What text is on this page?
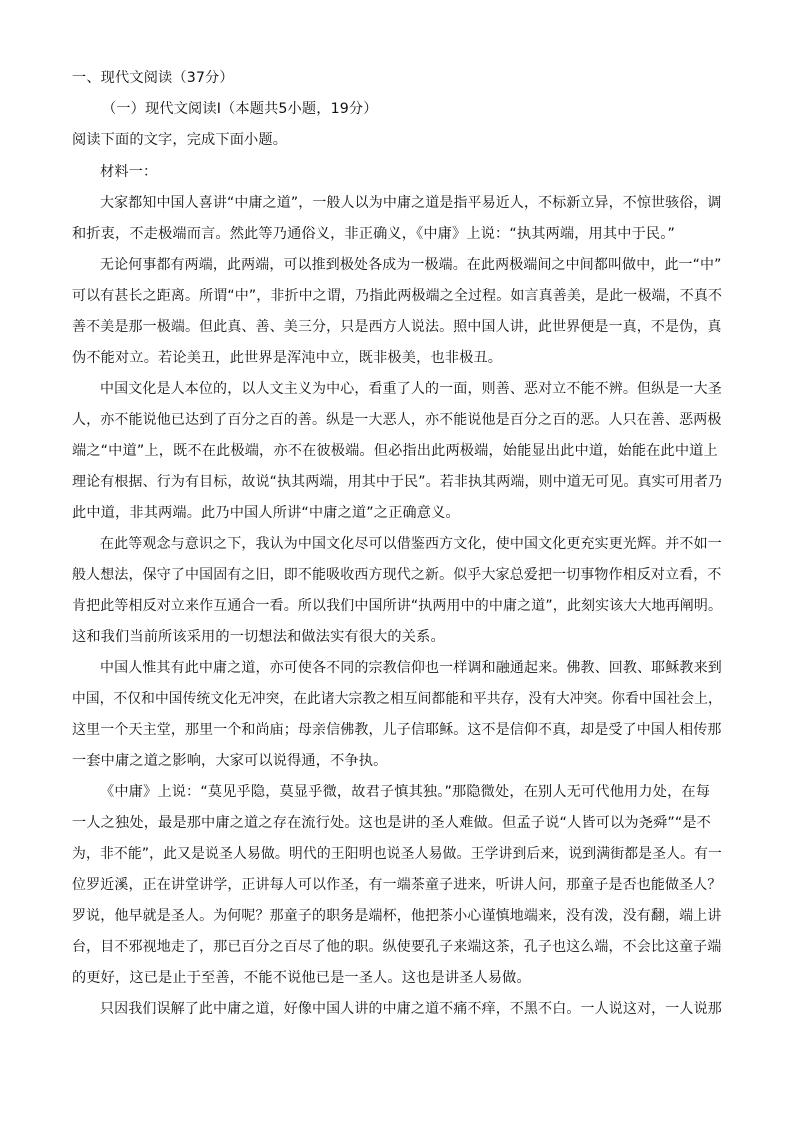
一、现代文阅读（37分）
（一）现代文阅读Ⅰ（本题共5小题，19分）
阅读下面的文字，完成下面小题。
材料一：
大家都知中国人喜讲“中庸之道”，一般人以为中庸之道是指平易近人，不标新立异，不惊世骇俗，调
和折衷，不走极端而言。然此等乃通俗义，非正确义，《中庸》上说：“执其两端，用其中于民。”
无论何事都有两端，此两端，可以推到极处各成为一极端。在此两极端间之中间都叫做中，此一“中”
可以有甚长之距离。所谓“中”，非折中之谓，乃指此两极端之全过程。如言真善美，是此一极端，不真不
善不美是那一极端。但此真、善、美三分，只是西方人说法。照中国人讲，此世界便是一真，不是伪，真
伪不能对立。若论美丑，此世界是浑沌中立，既非极美，也非极丑。
中国文化是人本位的，以人文主义为中心，看重了人的一面，则善、恶对立不能不辨。但纵是一大圣
人，亦不能说他已达到了百分之百的善。纵是一大恶人，亦不能说他是百分之百的恶。人只在善、恶两极
端之“中道”上，既不在此极端，亦不在彼极端。但必指出此两极端，始能显出此中道，始能在此中道上
理论有根据、行为有目标，故说“执其两端，用其中于民”。若非执其两端，则中道无可见。真实可用者乃
此中道，非其两端。此乃中国人所讲“中庸之道”之正确意义。
在此等观念与意识之下，我认为中国文化尽可以借鉴西方文化，使中国文化更充实更光辉。并不如一
般人想法，保守了中国固有之旧，即不能吸收西方现代之新。似乎大家总爱把一切事物作相反对立看，不
肯把此等相反对立来作互通合一看。所以我们中国所讲“执两用中的中庸之道”，此刻实该大大地再阐明。
这和我们当前所该采用的一切想法和做法实有很大的关系。
中国人惟其有此中庸之道，亦可使各不同的宗教信仰也一样调和融通起来。佛教、回教、耶稣教来到
中国，不仅和中国传统文化无冲突，在此诸大宗教之相互间都能和平共存，没有大冲突。你看中国社会上，
这里一个天主堂，那里一个和尚庙；母亲信佛教，儿子信耶稣。这不是信仰不真，却是受了中国人相传那
一套中庸之道之影响，大家可以说得通，不争执。
《中庸》上说：“莫见乎隐，莫显乎微，故君子慎其独。”那隐微处，在别人无可代他用力处，在每
一人之独处，最是那中庸之道之存在流行处。这也是讲的圣人难做。但孟子说“人皆可以为尧舜”“是不
为，非不能”，此又是说圣人易做。明代的王阳明也说圣人易做。王学讲到后来，说到满街都是圣人。有一
位罗近溪，正在讲堂讲学，正讲每人可以作圣，有一端茶童子进来，听讲人问，那童子是否也能做圣人？
罗说，他早就是圣人。为何呢？那童子的职务是端杯，他把茶小心谨慎地端来，没有泼，没有翻，端上讲
台，目不邪视地走了，那已百分之百尽了他的职。纵使要孔子来端这茶，孔子也这么端，不会比这童子端
的更好，这已是止于至善，不能不说他已是一圣人。这也是讲圣人易做。
只因我们误解了此中庸之道，好像中国人讲的中庸之道不痛不痒，不黑不白。一人说这对，一人说那
